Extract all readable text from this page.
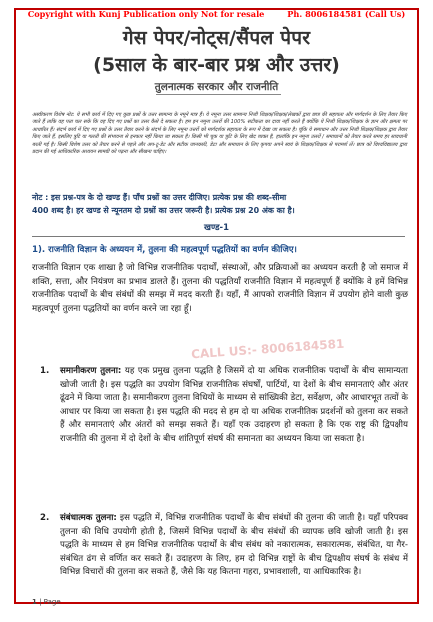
Copyright with Kunj Publication only Not for resale	Ph. 8006184581 (Call Us)
गेस पेपर/नोट्स/सैंपल पेपर
(5साल के बार-बार प्रश्न और उत्तर)
तुलनात्मक सरकार और राजनीति
अस्वीकरण विशेष नोट: ये सभी कार्य में दिए गए कुछ प्रश्नों के उत्तर सामान्य के नमूने मात्र हैं। ये नमूना उत्तर सामान्य निजी शिक्षक/शिक्षक/लेखकों द्वारा छात्र की सहायता और मार्गदर्शन के लिए तैयार किए जाते हैं ताकि वह पता चल सके कि वह दिए गए प्रश्नों का उत्तर कैसे दे सकता है। हम इन नमूना उत्तरों की 100% सटीकता का दावा नहीं करते हैं क्योंकि ये निजी शिक्षक/शिक्षक के ज्ञान और क्षमता पर आधारित हैं। संदर्भ कार्य में दिए गए प्रश्नों के उत्तर तैयार करने के संदर्भ के लिए नमूना उत्तरों को मार्गदर्शक सहायता के रूप में देखा जा सकता है। चूंकि ये समाधान और उत्तर निजी शिक्षक/शिक्षक द्वारा तैयार किए जाते हैं, इसलिए त्रुटि या गलती की संभावना से इनकार नहीं किया जा सकता है। किसी भी चूक या त्रुटि के लिए खेद व्यक्त है, हालांकि इन नमूना उत्तरों / समाधानों को तैयार करते समय हर सावधानी बरती गई है। किसी विशेष उत्तर को तैयार करने से पहले और अप-टू-डेट और सटीक जानकारी, डेटा और समाधान के लिए कृपया अपने स्वयं के शिक्षक/शिक्षक से परामर्श लें। छात्र को विश्वविद्यालय द्वारा प्रदान की गई आधिकारिक अध्ययन सामग्री को पढ़ना और सीखना चाहिए।
नोट : इस प्रश्न-पत्र के दो खण्ड हैं। पाँच प्रश्नों का उत्तर दीजिए। प्रत्येक प्रश्न की शब्द-सीमा
400 शब्द है। हर खण्ड से न्यूनतम दो प्रश्नों का उत्तर जरूरी है। प्रत्येक प्रश्न 20 अंक का है।
खण्ड-1
1). राजनीति विज्ञान के अध्ययन में, तुलना की महत्वपूर्ण पद्धतियों का वर्णन कीजिए।
राजनीति विज्ञान एक शाखा है जो विभिन्न राजनीतिक पदार्थों, संस्थाओं, और प्रक्रियाओं का अध्ययन करती है जो समाज में शक्ति, सत्ता, और नियंत्रण का प्रभाव डालते हैं। तुलना की पद्धतियाँ राजनीति विज्ञान में महत्वपूर्ण हैं क्योंकि वे हमें विभिन्न राजनीतिक पदार्थों के बीच संबंधों की समझ में मदद करती हैं। यहाँ, मैं आपको राजनीति विज्ञान में उपयोग होने वाली कुछ महत्वपूर्ण तुलना पद्धतियों का वर्णन करने जा रहा हूँ।
CALL US:- 8006184581
1. समानीकरण तुलना: यह एक प्रमुख तुलना पद्धति है जिसमें दो या अधिक राजनीतिक पदार्थों के बीच सामान्यता खोजी जाती है। इस पद्धति का उपयोग विभिन्न राजनीतिक संघर्षों, पार्टियों, या देशों के बीच समानताएं और अंतर ढूंढने में किया जाता है। समानीकरण तुलना विधियों के माध्यम से सांख्यिकी डेटा, सर्वेक्षण, और आधारभूत तत्वों के आधार पर किया जा सकता है। इस पद्धति की मदद से हम दो या अधिक राजनीतिक प्रदर्शनों को तुलना कर सकते हैं और समानताएं और अंतरों को समझ सकते हैं। यहाँ एक उदाहरण हो सकता है कि एक राष्ट्र की द्विपक्षीय राजनीति की तुलना में दो देशों के बीच शांतिपूर्ण संघर्ष की समानता का अध्ययन किया जा सकता है।
2. संबंधात्मक तुलना: इस पद्धति में, विभिन्न राजनीतिक पदार्थों के बीच संबंधों की तुलना की जाती है। यहाँ परिपक्व तुलना की विधि उपयोगी होती है, जिसमें विभिन्न पदार्थों के बीच संबंधों की व्यापक छवि खोजी जाती है। इस पद्धति के माध्यम से हम विभिन्न राजनीतिक पदार्थों के बीच संबंध को नकारात्मक, सकारात्मक, संबंधित, या गैर-संबंधित ढंग से वर्णित कर सकते हैं। उदाहरण के लिए, हम दो विभिन्न राष्ट्रों के बीच द्विपक्षीय संघर्ष के संबंध में विभिन्न विचारों की तुलना कर सकते हैं, जैसे कि यह कितना गहरा, प्रभावशाली, या आधिकारिक है।
1 | Page
